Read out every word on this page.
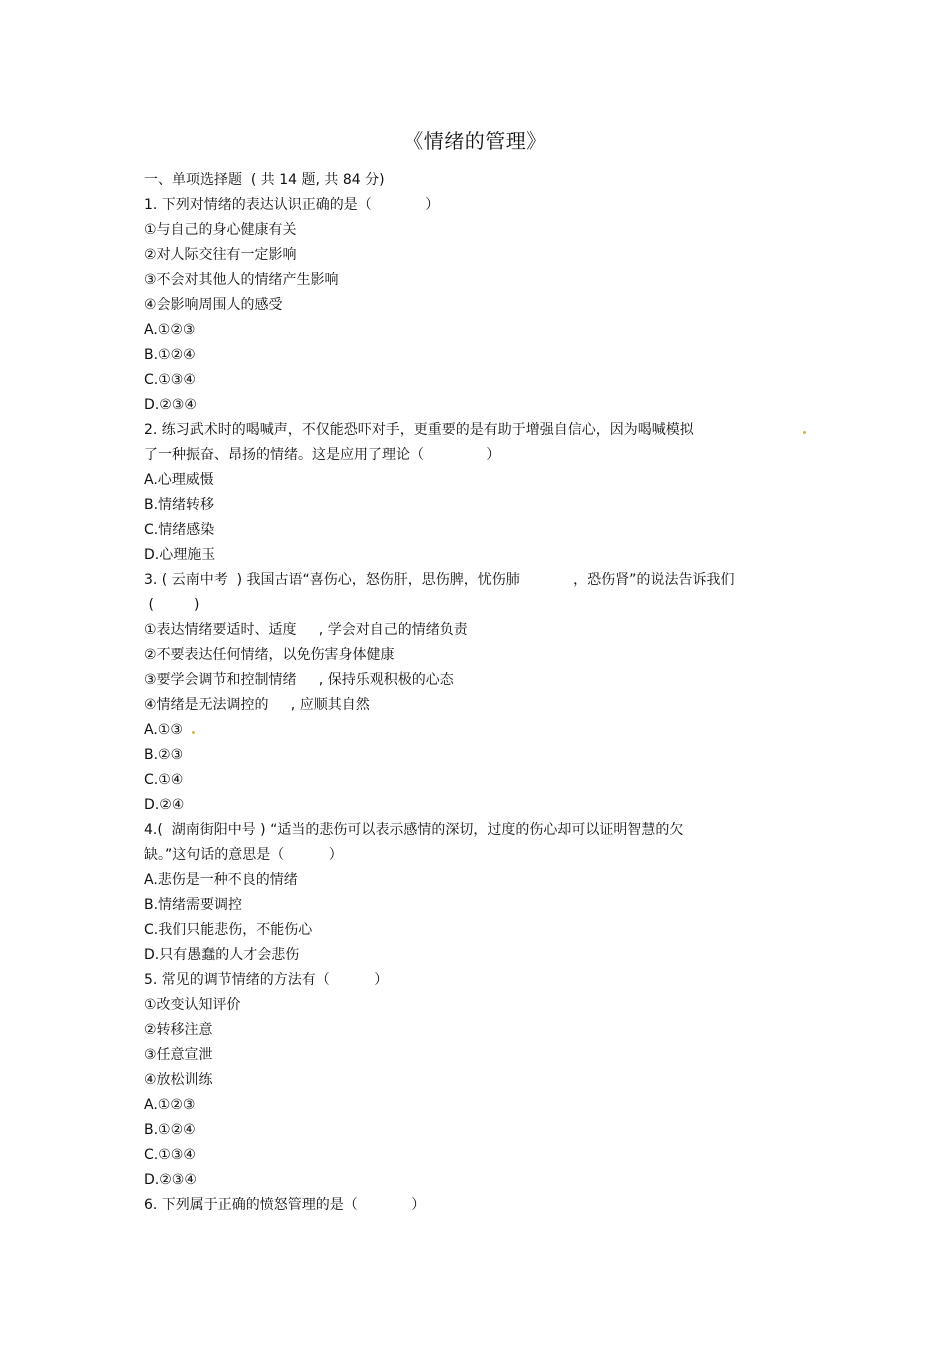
《情绪的管理》
一、单项选择题  ( 共 14 题, 共 84 分)
1. 下列对情绪的表达认识正确的是（            ）
①与自己的身心健康有关
②对人际交往有一定影响
③不会对其他人的情绪产生影响
④会影响周围人的感受
A.①②③
B.①②④
C.①③④
D.②③④
2. 练习武术时的喝喊声，不仅能恐吓对手，更重要的是有助于增强自信心，因为喝喊模拟
了一种振奋、昂扬的情绪。这是应用了理论（              ）
A.心理威慑
B.情绪转移
C.情绪感染
D.心理施玉
3. ( 云南中考  ) 我国古语“喜伤心，怒伤肝，思伤脾，忧伤肺            ，恐伤肾”的说法告诉我们
(         )
①表达情绪要适时、适度     , 学会对自己的情绪负责
②不要表达任何情绪，以免伤害身体健康
③要学会调节和控制情绪     , 保持乐观积极的心态
④情绪是无法调控的     , 应顺其自然
A.①③
B.②③
C.①④
D.②④
4.(  湖南街阳中号 ) “适当的悲伤可以表示感情的深切，过度的伤心却可以证明智慧的欠
缺。”这句话的意思是（          ）
A.悲伤是一种不良的情绪
B.情绪需要调控
C.我们只能悲伤，不能伤心
D.只有愚蠢的人才会悲伤
5. 常见的调节情绪的方法有（          ）
①改变认知评价
②转移注意
③任意宣泄
④放松训练
A.①②③
B.①②④
C.①③④
D.②③④
6. 下列属于正确的愤怒管理的是（            ）
